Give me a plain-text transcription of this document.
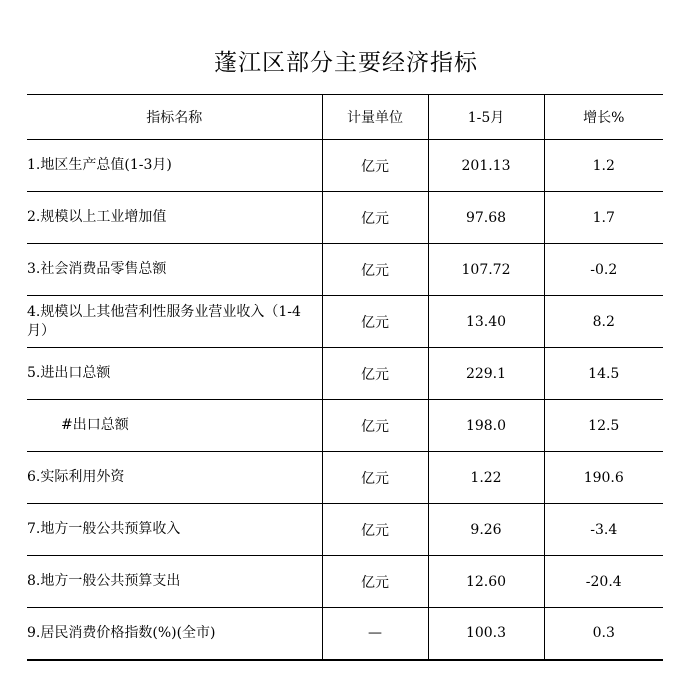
蓬江区部分主要经济指标
指标名称	计量单位	1-5月	增长%
1.地区生产总值(1-3月)	亿元	201.13	1.2
2.规模以上工业增加值	亿元	97.68	1.7
3.社会消费品零售总额	亿元	107.72	-0.2
4.规模以上其他营利性服务业营业收入（1-4月）	亿元	13.40	8.2
5.进出口总额	亿元	229.1	14.5
#出口总额	亿元	198.0	12.5
6.实际利用外资	亿元	1.22	190.6
7.地方一般公共预算收入	亿元	9.26	-3.4
8.地方一般公共预算支出	亿元	12.60	-20.4
9.居民消费价格指数(%)(全市)	—	100.3	0.3
